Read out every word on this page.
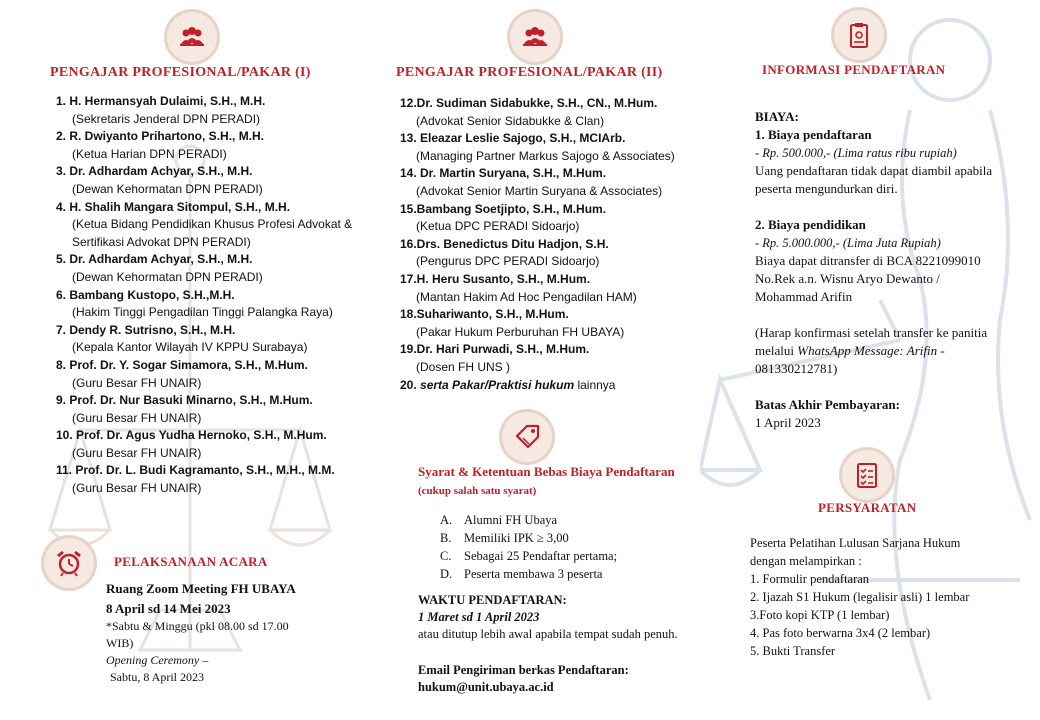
PENGAJAR PROFESIONAL/PAKAR (I)
1. H. Hermansyah Dulaimi, S.H., M.H.
(Sekretaris Jenderal DPN PERADI)
2. R. Dwiyanto Prihartono, S.H., M.H.
(Ketua Harian DPN PERADI)
3. Dr. Adhardam Achyar, S.H., M.H.
(Dewan Kehormatan DPN PERADI)
4. H. Shalih Mangara Sitompul, S.H., M.H.
(Ketua Bidang Pendidikan Khusus Profesi Advokat & Sertifikasi Advokat DPN PERADI)
5. Dr. Adhardam Achyar, S.H., M.H.
(Dewan Kehormatan DPN PERADI)
6. Bambang Kustopo, S.H.,M.H.
(Hakim Tinggi Pengadilan Tinggi Palangka Raya)
7. Dendy R. Sutrisno, S.H., M.H.
(Kepala Kantor Wilayah IV KPPU Surabaya)
8. Prof. Dr. Y. Sogar Simamora, S.H., M.Hum.
(Guru Besar FH UNAIR)
9. Prof. Dr. Nur Basuki Minarno, S.H., M.Hum.
(Guru Besar FH UNAIR)
10. Prof. Dr. Agus Yudha Hernoko, S.H., M.Hum.
(Guru Besar FH UNAIR)
11. Prof. Dr. L. Budi Kagramanto, S.H., M.H., M.M.
(Guru Besar FH UNAIR)
PELAKSANAAN ACARA
Ruang Zoom Meeting FH UBAYA
8 April sd 14 Mei 2023
*Sabtu & Minggu (pkl 08.00 sd 17.00 WIB)
Opening Ceremony –
Sabtu, 8 April 2023
PENGAJAR PROFESIONAL/PAKAR (II)
12.Dr. Sudiman Sidabukke, S.H., CN., M.Hum.
(Advokat Senior Sidabukke & Clan)
13. Eleazar Leslie Sajogo, S.H., MCIArb.
(Managing Partner Markus Sajogo & Associates)
14. Dr. Martin Suryana, S.H., M.Hum.
(Advokat Senior Martin Suryana & Associates)
15.Bambang Soetjipto, S.H., M.Hum.
(Ketua DPC PERADI Sidoarjo)
16.Drs. Benedictus Ditu Hadjon, S.H.
(Pengurus DPC PERADI Sidoarjo)
17.H. Heru Susanto, S.H., M.Hum.
(Mantan Hakim Ad Hoc Pengadilan HAM)
18.Suhariwanto, S.H., M.Hum.
(Pakar Hukum Perburuhan FH UBAYA)
19.Dr. Hari Purwadi, S.H., M.Hum.
(Dosen FH UNS )
20. serta Pakar/Praktisi hukum lainnya
Syarat & Ketentuan Bebas Biaya Pendaftaran (cukup salah satu syarat)
A. Alumni FH Ubaya
B. Memiliki IPK ≥ 3,00
C. Sebagai 25 Pendaftar pertama;
D. Peserta membawa 3 peserta
WAKTU PENDAFTARAN:
1 Maret sd 1 April 2023
atau ditutup lebih awal apabila tempat sudah penuh.
Email Pengiriman berkas Pendaftaran:
hukum@unit.ubaya.ac.id
INFORMASI PENDAFTARAN
BIAYA:
1. Biaya pendaftaran
- Rp. 500.000,- (Lima ratus ribu rupiah)
Uang pendaftaran tidak dapat diambil apabila peserta mengundurkan diri.
2. Biaya pendidikan
- Rp. 5.000.000,- (Lima Juta Rupiah)
Biaya dapat ditransfer di BCA 8221099010 No.Rek a.n. Wisnu Aryo Dewanto / Mohammad Arifin
(Harap konfirmasi setelah transfer ke panitia melalui WhatsApp Message: Arifin - 081330212781)
Batas Akhir Pembayaran:
1 April 2023
PERSYARATAN
Peserta Pelatihan Lulusan Sarjana Hukum dengan melampirkan :
1. Formulir pendaftaran
2. Ijazah S1 Hukum (legalisir asli) 1 lembar
3.Foto kopi KTP (1 lembar)
4. Pas foto berwarna 3x4 (2 lembar)
5. Bukti Transfer
